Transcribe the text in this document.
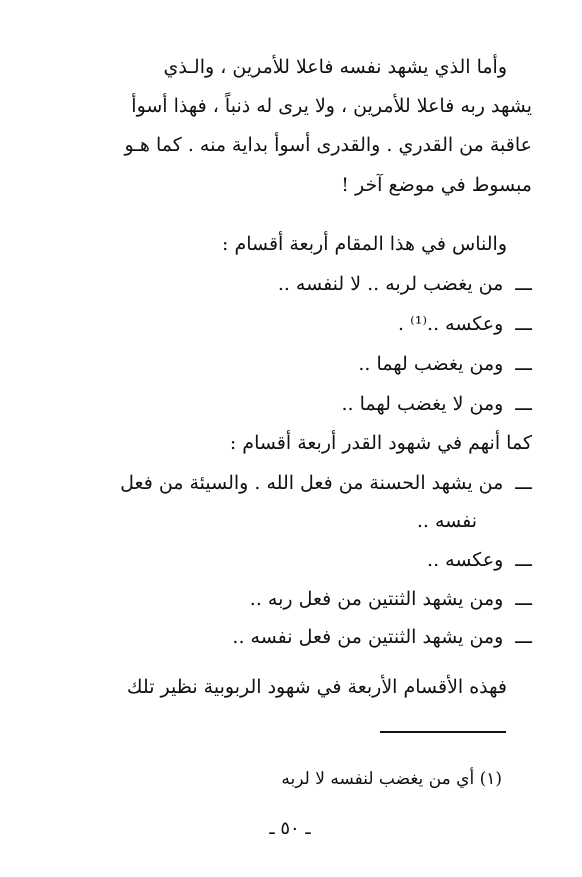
وأما الذي يشهد نفسه فاعلا للأمرين ، والـذي
يشهد ربه فاعلا للأمرين ، ولا يرى له ذنباً ، فهذا أسوأ
عاقبة من القدري . والقدرى أسوأ بداية منه . كما هـو
مبسوط في موضع آخر !
والناس في هذا المقام أربعة أقسام :
ـــمن يغضب لربه .. لا لنفسه ..
ـــوعكسه ..⁽¹⁾ .
ـــومن يغضب لهما ..
ـــومن لا يغضب لهما ..
كما أنهم في شهود القدر أربعة أقسام :
ـــمن يشهد الحسنة من فعل الله . والسيئة من فعل
نفسه ..
ـــوعكسه ..
ـــومن يشهد الثنتين من فعل ربه ..
ـــومن يشهد الثنتين من فعل نفسه ..
فهذه الأقسام الأربعة في شهود الربوبية نظير تلك
(١) أي من يغضب لنفسه لا لربه
ـ ٥٠ ـ
